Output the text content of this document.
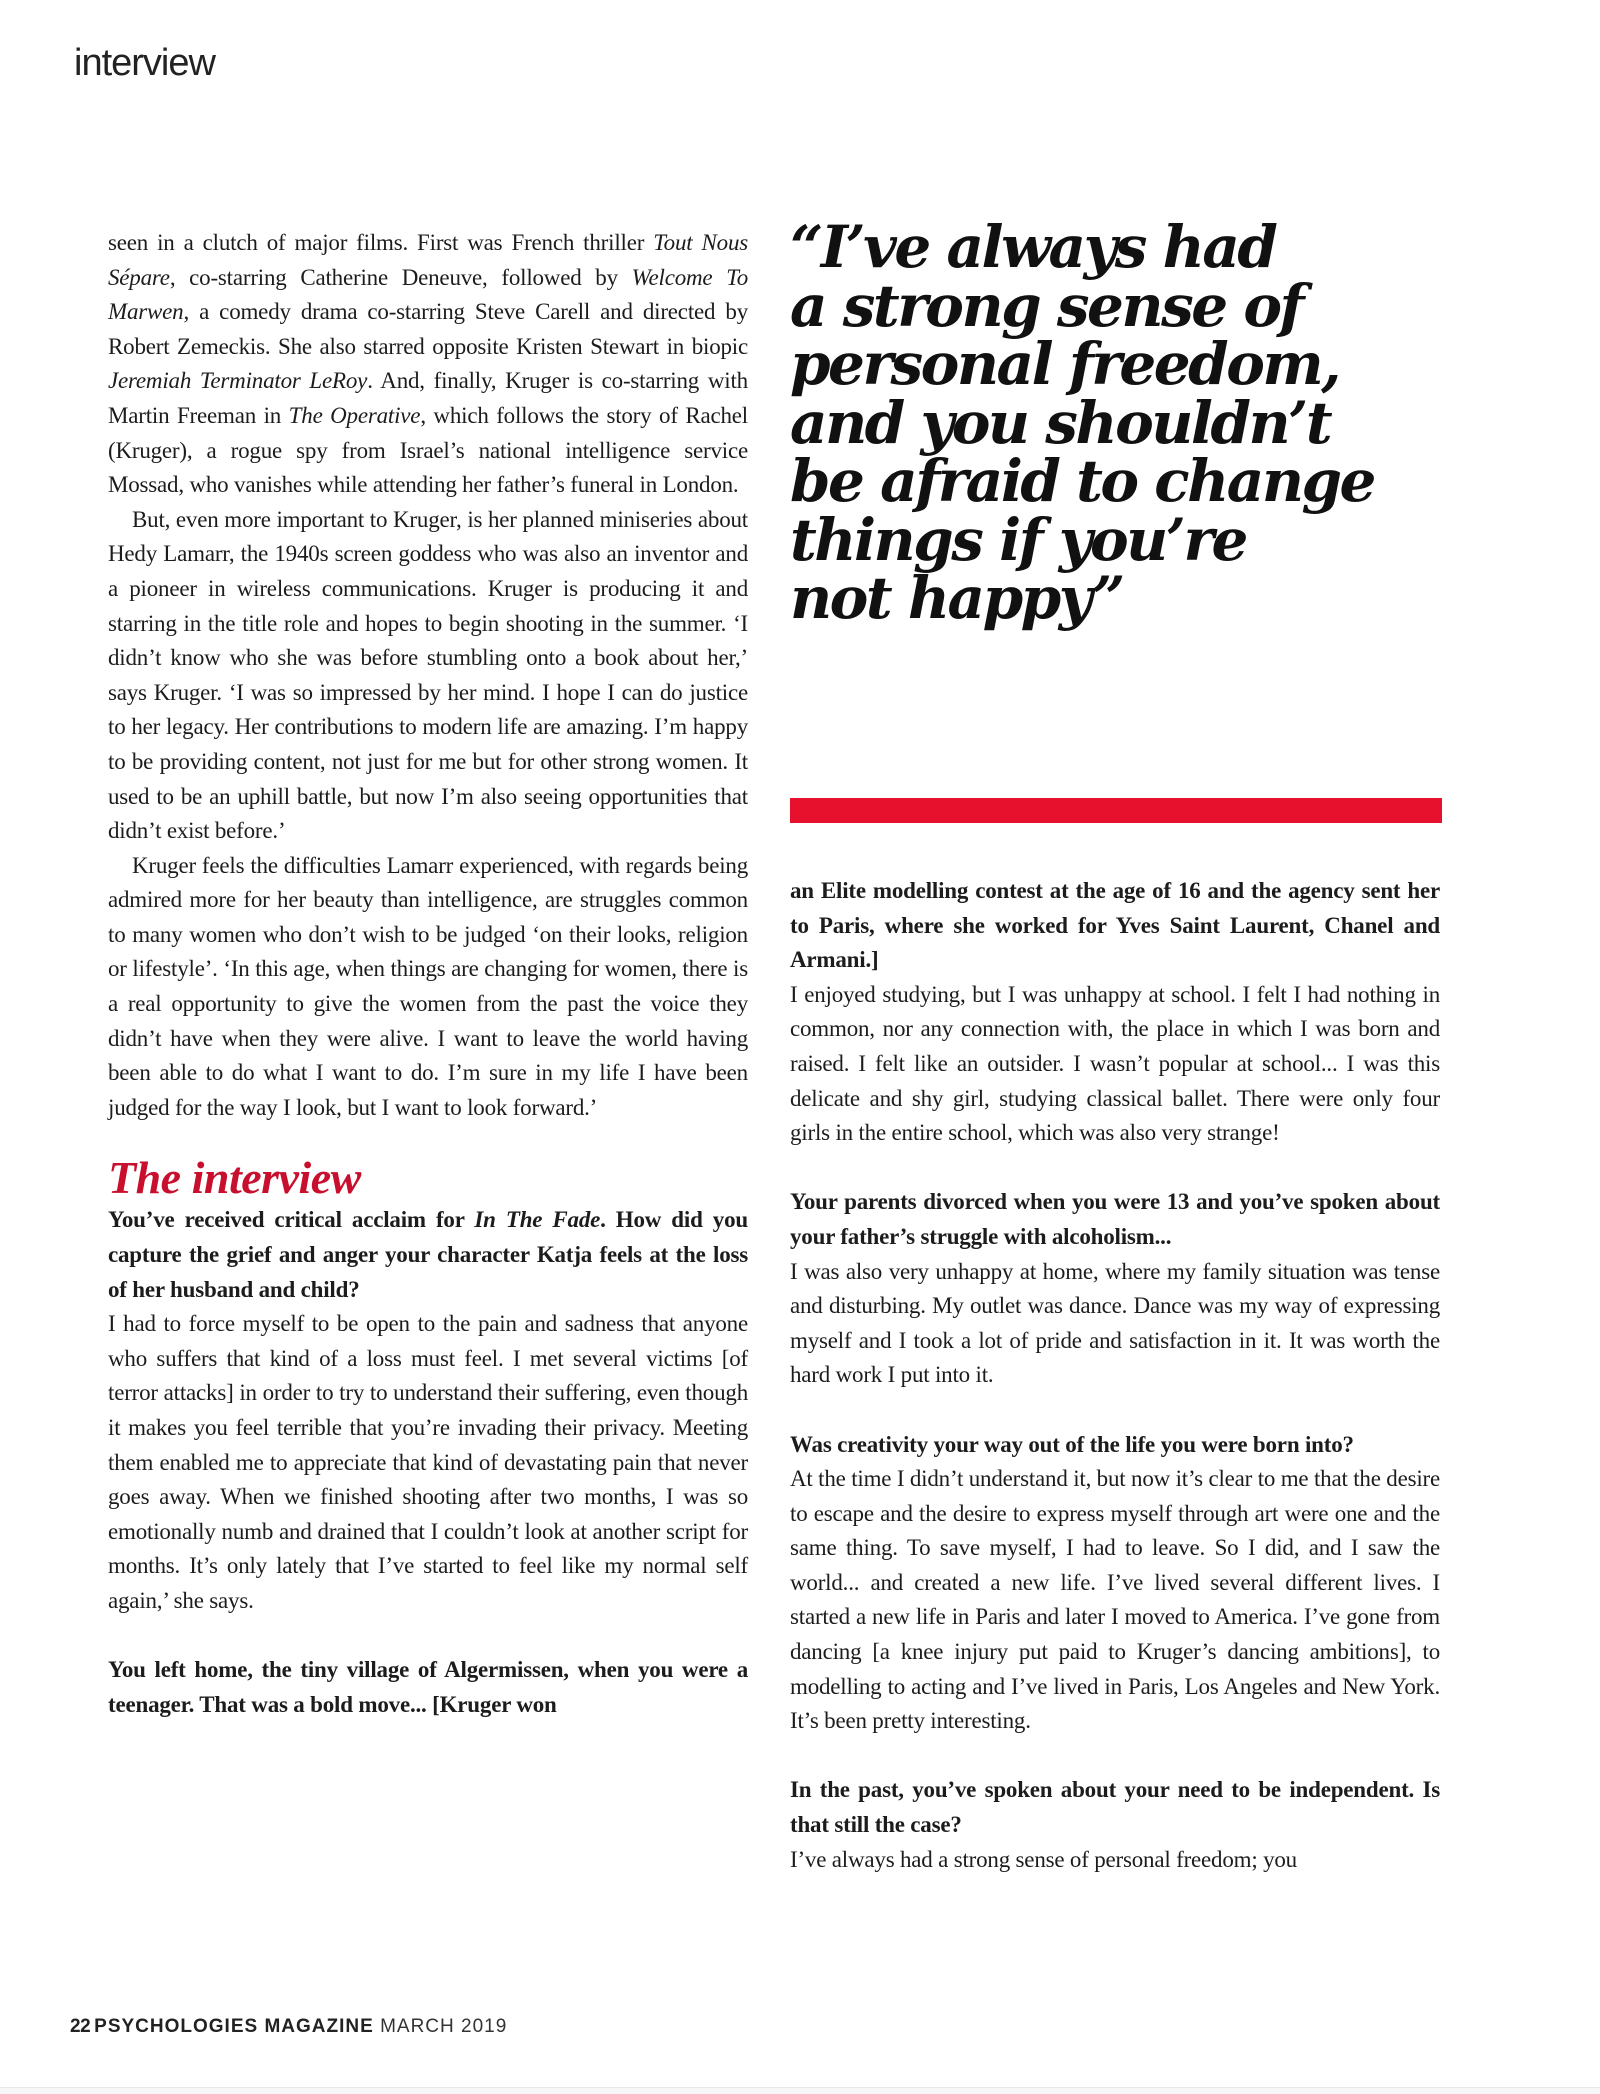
interview

seen in a clutch of major films. First was French thriller Tout Nous Sépare, co-starring Catherine Deneuve, followed by Welcome To Marwen, a comedy drama co-starring Steve Carell and directed by Robert Zemeckis. She also starred opposite Kristen Stewart in biopic Jeremiah Terminator LeRoy. And, finally, Kruger is co-starring with Martin Freeman in The Operative, which follows the story of Rachel (Kruger), a rogue spy from Israel’s national intelligence service Mossad, who vanishes while attending her father’s funeral in London.

But, even more important to Kruger, is her planned miniseries about Hedy Lamarr, the 1940s screen goddess who was also an inventor and a pioneer in wireless communications. Kruger is producing it and starring in the title role and hopes to begin shooting in the summer. ‘I didn’t know who she was before stumbling onto a book about her,’ says Kruger. ‘I was so impressed by her mind. I hope I can do justice to her legacy. Her contributions to modern life are amazing. I’m happy to be providing content, not just for me but for other strong women. It used to be an uphill battle, but now I’m also seeing opportunities that didn’t exist before.’

Kruger feels the difficulties Lamarr experienced, with regards being admired more for her beauty than intelligence, are struggles common to many women who don’t wish to be judged ‘on their looks, religion or lifestyle’. ‘In this age, when things are changing for women, there is a real opportunity to give the women from the past the voice they didn’t have when they were alive. I want to leave the world having been able to do what I want to do. I’m sure in my life I have been judged for the way I look, but I want to look forward.’

The interview

You’ve received critical acclaim for In The Fade. How did you capture the grief and anger your character Katja feels at the loss of her husband and child?

I had to force myself to be open to the pain and sadness that anyone who suffers that kind of a loss must feel. I met several victims [of terror attacks] in order to try to understand their suffering, even though it makes you feel terrible that you’re invading their privacy. Meeting them enabled me to appreciate that kind of devastating pain that never goes away. When we finished shooting after two months, I was so emotionally numb and drained that I couldn’t look at another script for months. It’s only lately that I’ve started to feel like my normal self again,’ she says.

You left home, the tiny village of Algermissen, when you were a teenager. That was a bold move... [Kruger won

“I’ve always had
a strong sense of
personal freedom,
and you shouldn’t
be afraid to change
things if you’re
not happy”

an Elite modelling contest at the age of 16 and the agency sent her to Paris, where she worked for Yves Saint Laurent, Chanel and Armani.]

I enjoyed studying, but I was unhappy at school. I felt I had nothing in common, nor any connection with, the place in which I was born and raised. I felt like an outsider. I wasn’t popular at school... I was this delicate and shy girl, studying classical ballet. There were only four girls in the entire school, which was also very strange!

Your parents divorced when you were 13 and you’ve spoken about your father’s struggle with alcoholism...

I was also very unhappy at home, where my family situation was tense and disturbing. My outlet was dance. Dance was my way of expressing myself and I took a lot of pride and satisfaction in it. It was worth the hard work I put into it.

Was creativity your way out of the life you were born into?

At the time I didn’t understand it, but now it’s clear to me that the desire to escape and the desire to express myself through art were one and the same thing. To save myself, I had to leave. So I did, and I saw the world... and created a new life. I’ve lived several different lives. I started a new life in Paris and later I moved to America. I’ve gone from dancing [a knee injury put paid to Kruger’s dancing ambitions], to modelling to acting and I’ve lived in Paris, Los Angeles and New York. It’s been pretty interesting.

In the past, you’ve spoken about your need to be independent. Is that still the case?

I’ve always had a strong sense of personal freedom; you

22 PSYCHOLOGIES MAGAZINE MARCH 2019
